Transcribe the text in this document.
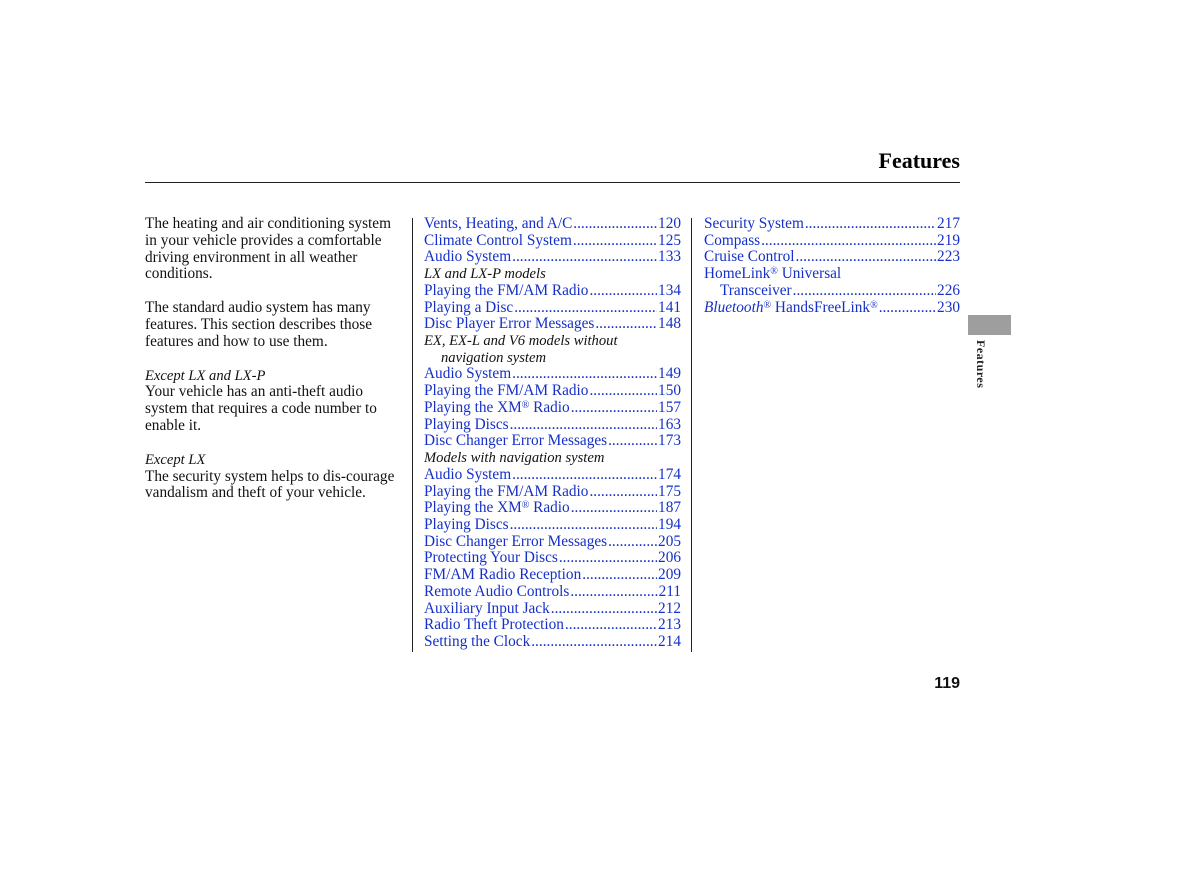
Features

The heating and air conditioning system in your vehicle provides a comfortable driving environment in all weather conditions.

The standard audio system has many features. This section describes those features and how to use them.

Except LX and LX-P

Your vehicle has an anti-theft audio system that requires a code number to enable it.

Except LX

The security system helps to dis-courage vandalism and theft of your vehicle.

Vents, Heating, and A/C .....	120
Climate Control System .....	125
Audio System .....	133
LX and LX-P models
Playing the FM/AM Radio .....	134
Playing a Disc .....	141
Disc Player Error Messages .....	148
EX, EX-L and V6 models without
navigation system
Audio System .....	149
Playing the FM/AM Radio .....	150
Playing the XM® Radio .....	157
Playing Discs .....	163
Disc Changer Error Messages .....	173
Models with navigation system
Audio System .....	174
Playing the FM/AM Radio .....	175
Playing the XM® Radio .....	187
Playing Discs .....	194
Disc Changer Error Messages .....	205
Protecting Your Discs .....	206
FM/AM Radio Reception .....	209
Remote Audio Controls .....	211
Auxiliary Input Jack .....	212
Radio Theft Protection .....	213
Setting the Clock .....	214
Security System .....	217
Compass .....	219
Cruise Control .....	223
HomeLink® Universal
Transceiver .....	226
Bluetooth® HandsFreeLink® .....	230
Features
119
